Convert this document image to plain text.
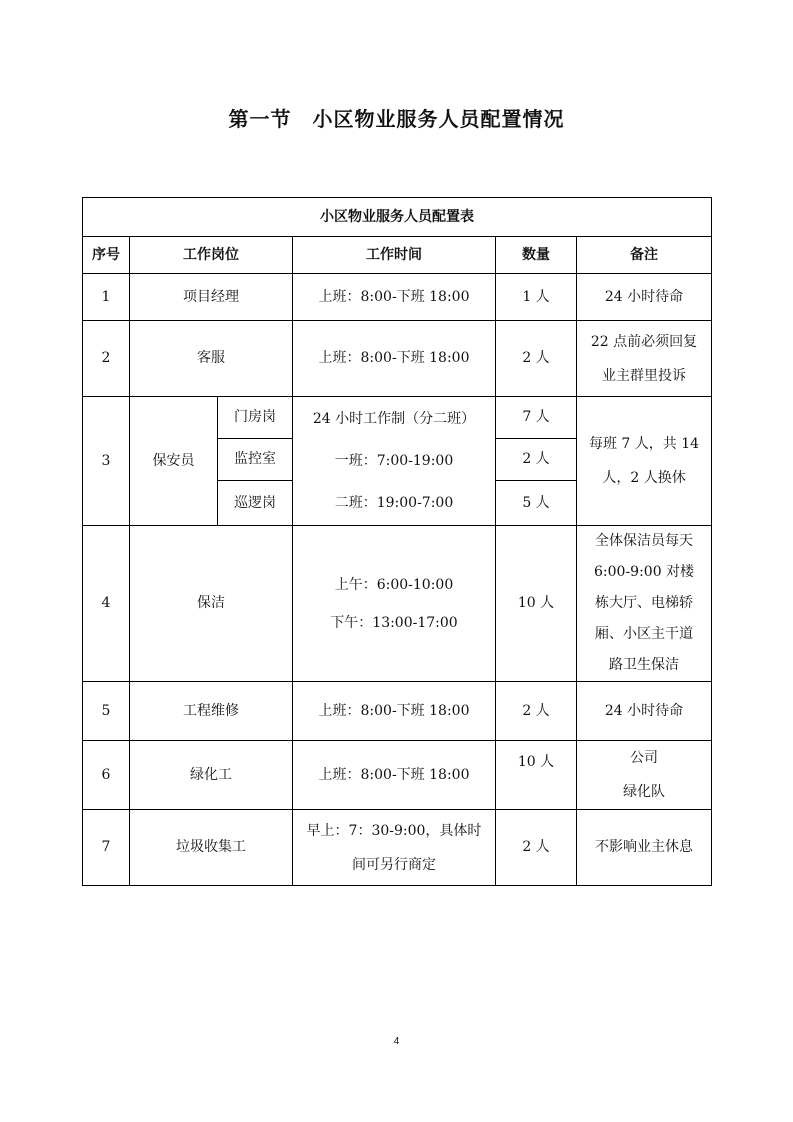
第一节　小区物业服务人员配置情况
小区物业服务人员配置表					
序号	工作岗位		工作时间	数量	备注
1	项目经理		上班：8:00-下班 18:00	1 人	24 小时待命
2	客服		上班：8:00-下班 18:00	2 人	22 点前必须回复
业主群里投诉

3	保安员	门房岗	24 小时工作制（分二班）
一班：7:00-19:00
二班：19:00-7:00	7 人	每班 7 人，共 14
人，2 人换休

		监控室		2 人	
		巡逻岗		5 人	
4	保洁		上午：6:00-10:00
下午：13:00-17:00	10 人	全体保洁员每天
6:00-9:00 对楼
栋大厅、电梯轿
厢、小区主干道
路卫生保洁

5	工程维修		上班：8:00-下班 18:00	2 人	24 小时待命
6	绿化工		上班：8:00-下班 18:00	10 人	公司
绿化队

7	垃圾收集工		早上：7：30-9:00，具体时
间可另行商定	2 人	不影响业主休息
4
